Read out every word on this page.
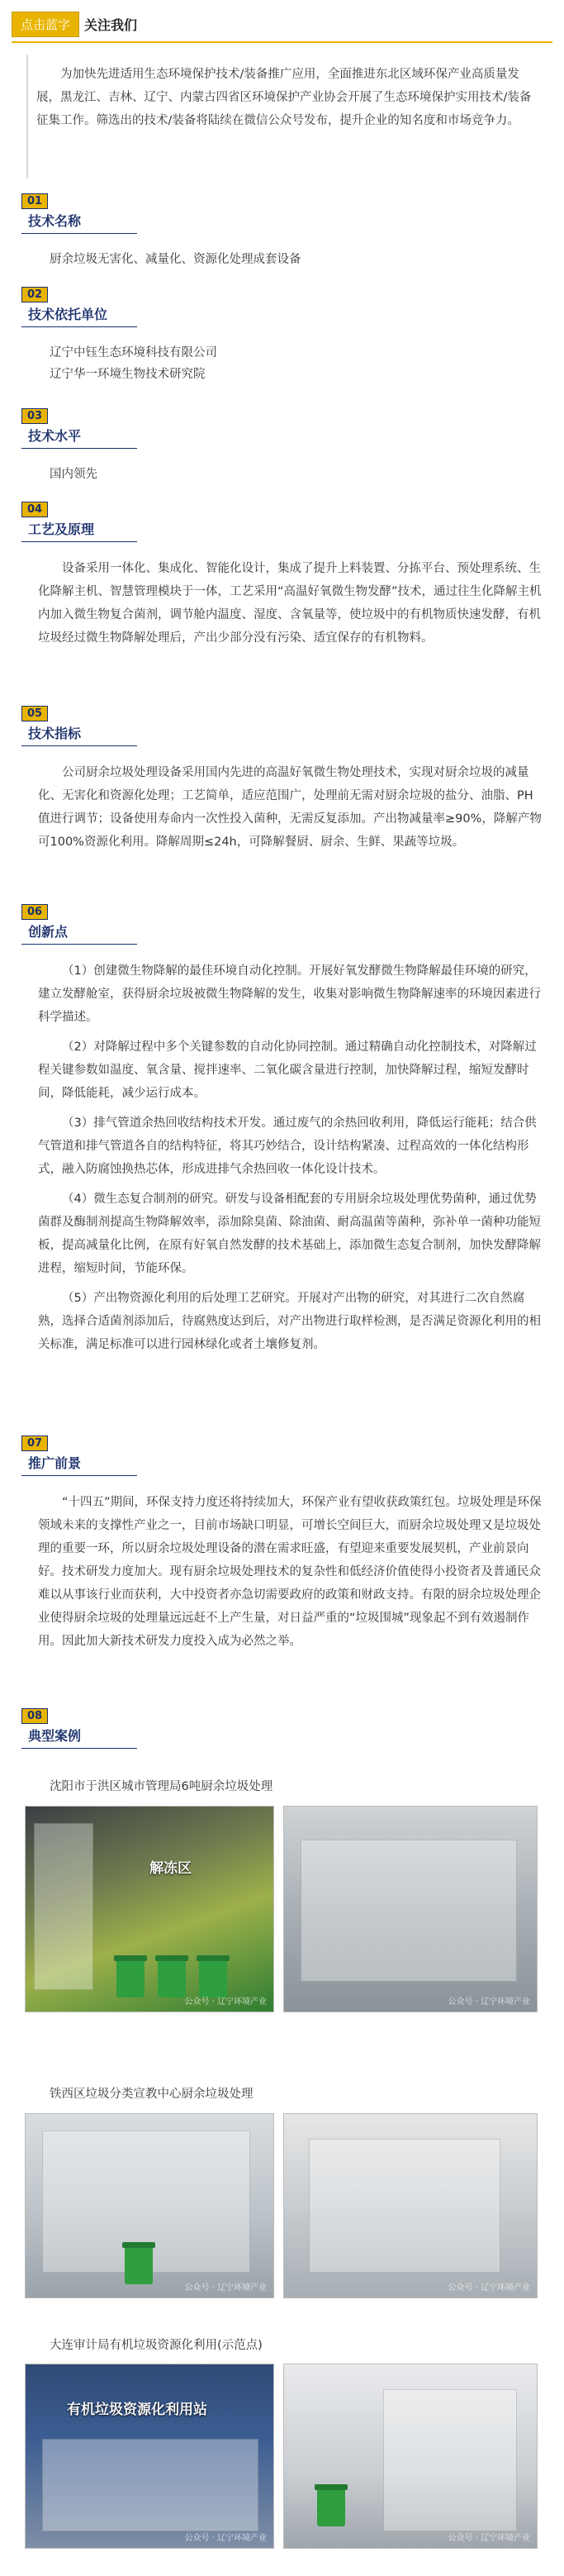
点击蓝字	关注我们
为加快先进适用生态环境保护技术/装备推广应用，全面推进东北区域环保产业高质量发展，黑龙江、吉林、辽宁、内蒙古四省区环境保护产业协会开展了生态环境保护实用技术/装备征集工作。筛选出的技术/装备将陆续在微信公众号发布，提升企业的知名度和市场竞争力。
01
技术名称
厨余垃圾无害化、减量化、资源化处理成套设备
02
技术依托单位
辽宁中钰生态环境科技有限公司
辽宁华一环境生物技术研究院
03
技术水平
国内领先
04
工艺及原理

设备采用一体化、集成化、智能化设计，集成了提升上料装置、分拣平台、预处理系统、生化降解主机、智慧管理模块于一体，工艺采用“高温好氧微生物发酵”技术，通过往生化降解主机内加入微生物复合菌剂，调节舱内温度、湿度、含氧量等，使垃圾中的有机物质快速发酵，有机垃圾经过微生物降解处理后，产出少部分没有污染、适宜保存的有机物料。

05
技术指标

公司厨余垃圾处理设备采用国内先进的高温好氧微生物处理技术，实现对厨余垃圾的减量化、无害化和资源化处理；工艺简单，适应范围广，处理前无需对厨余垃圾的盐分、油脂、PH值进行调节；设备使用寿命内一次性投入菌种，无需反复添加。产出物减量率≥90%，降解产物可100%资源化利用。降解周期≤24h，可降解餐厨、厨余、生鲜、果蔬等垃圾。

06
创新点

（1）创建微生物降解的最佳环境自动化控制。开展好氧发酵微生物降解最佳环境的研究，建立发酵舱室，获得厨余垃圾被微生物降解的发生，收集对影响微生物降解速率的环境因素进行科学描述。

（2）对降解过程中多个关键参数的自动化协同控制。通过精确自动化控制技术，对降解过程关键参数如温度、氧含量、搅拌速率、二氧化碳含量进行控制，加快降解过程，缩短发酵时间，降低能耗，减少运行成本。

（3）排气管道余热回收结构技术开发。通过废气的余热回收利用，降低运行能耗；结合供气管道和排气管道各自的结构特征，将其巧妙结合，设计结构紧凑、过程高效的一体化结构形式，融入防腐蚀换热芯体，形成进排气余热回收一体化设计技术。

（4）微生态复合制剂的研究。研发与设备相配套的专用厨余垃圾处理优势菌种，通过优势菌群及酶制剂提高生物降解效率，添加除臭菌、除油菌、耐高温菌等菌种，弥补单一菌种功能短板，提高减量化比例，在原有好氧自然发酵的技术基础上，添加微生态复合制剂，加快发酵降解进程，缩短时间，节能环保。

（5）产出物资源化利用的后处理工艺研究。开展对产出物的研究，对其进行二次自然腐熟，选择合适菌剂添加后，待腐熟度达到后，对产出物进行取样检测，是否满足资源化利用的相关标准，满足标准可以进行园林绿化或者土壤修复剂。

07
推广前景

“十四五”期间，环保支持力度还将持续加大，环保产业有望收获政策红包。垃圾处理是环保领域未来的支撑性产业之一，目前市场缺口明显，可增长空间巨大，而厨余垃圾处理又是垃圾处理的重要一环，所以厨余垃圾处理设备的潜在需求旺盛，有望迎来重要发展契机，产业前景向好。技术研发力度加大。现有厨余垃圾处理技术的复杂性和低经济价值使得小投资者及普通民众难以从事该行业而获利，大中投资者亦急切需要政府的政策和财政支持。有限的厨余垃圾处理企业使得厨余垃圾的处理量远远赶不上产生量，对日益严重的“垃圾围城”现象起不到有效遏制作用。因此加大新技术研发力度投入成为必然之举。

08
典型案例
沈阳市于洪区城市管理局6吨厨余垃圾处理
解冻区
公众号 · 辽宁环境产业	公众号 · 辽宁环境产业
铁西区垃圾分类宣教中心厨余垃圾处理
公众号 · 辽宁环境产业	公众号 · 辽宁环境产业
大连审计局有机垃圾资源化利用(示范点)
有机垃圾资源化利用站
公众号 · 辽宁环境产业	公众号 · 辽宁环境产业
